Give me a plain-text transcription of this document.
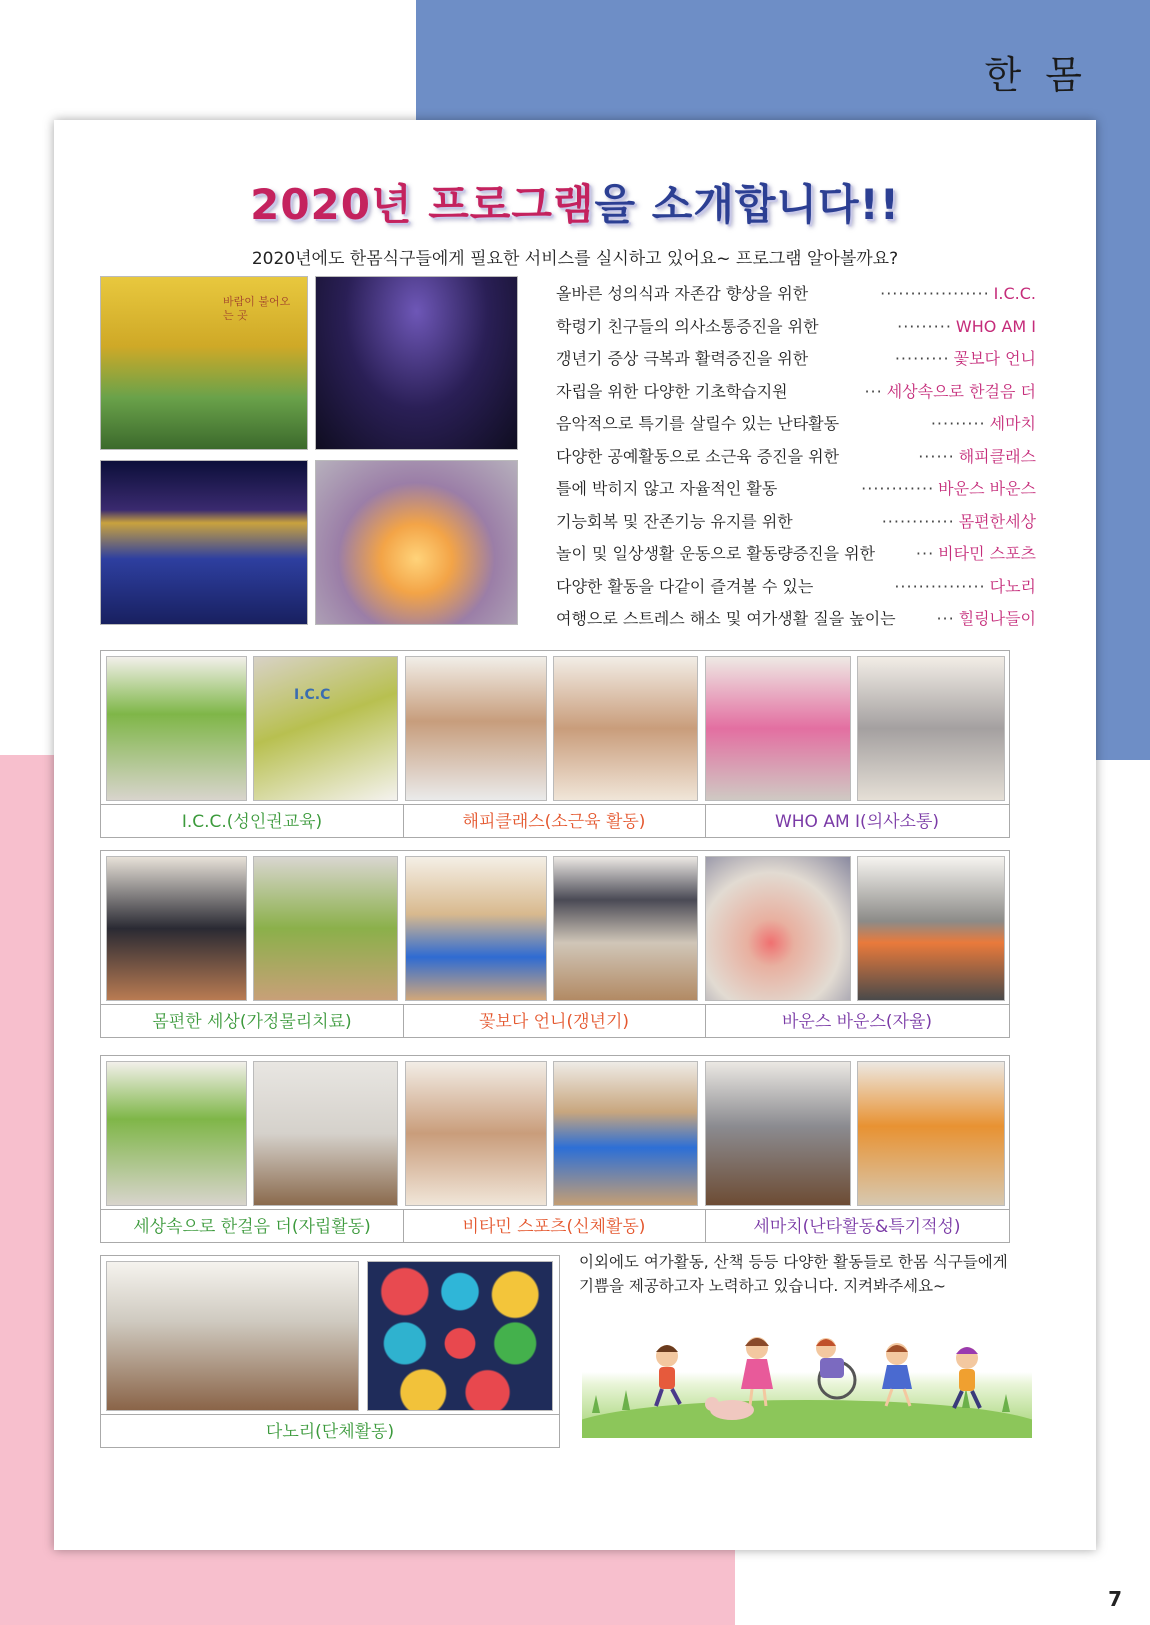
한 몸
7
2020년 프로그램을 소개합니다!!
2020년에도 한몸식구들에게 필요한 서비스를 실시하고 있어요~ 프로그램 알아볼까요?
바람이 불어오는 곳
올바른 성의식과 자존감 향상을 위한	·················· I.C.C.
학령기 친구들의 의사소통증진을 위한	········· WHO AM I
갱년기 증상 극복과 활력증진을 위한	········· 꽃보다 언니
자립을 위한 다양한 기초학습지원	··· 세상속으로 한걸음 더
음악적으로 특기를 살릴수 있는 난타활동	········· 세마치
다양한 공예활동으로 소근육 증진을 위한	······ 해피클래스
틀에 박히지 않고 자율적인 활동	············ 바운스 바운스
기능회복 및 잔존기능 유지를 위한	············ 몸편한세상
놀이 및 일상생활 운동으로 활동량증진을 위한	··· 비타민 스포츠
다양한 활동을 다같이 즐겨볼 수 있는	··············· 다노리
여행으로 스트레스 해소 및 여가생활 질을 높이는	··· 힐링나들이
I.C.C
I.C.C.(성인권교육)	해피클래스(소근육 활동)	WHO AM I(의사소통)
몸편한 세상(가정물리치료)	꽃보다 언니(갱년기)	바운스 바운스(자율)
세상속으로 한걸음 더(자립활동)	비타민 스포츠(신체활동)	세마치(난타활동&특기적성)
다노리(단체활동)
이외에도 여가활동, 산책 등등 다양한 활동들로 한몸 식구들에게 기쁨을 제공하고자 노력하고 있습니다. 지켜봐주세요~
